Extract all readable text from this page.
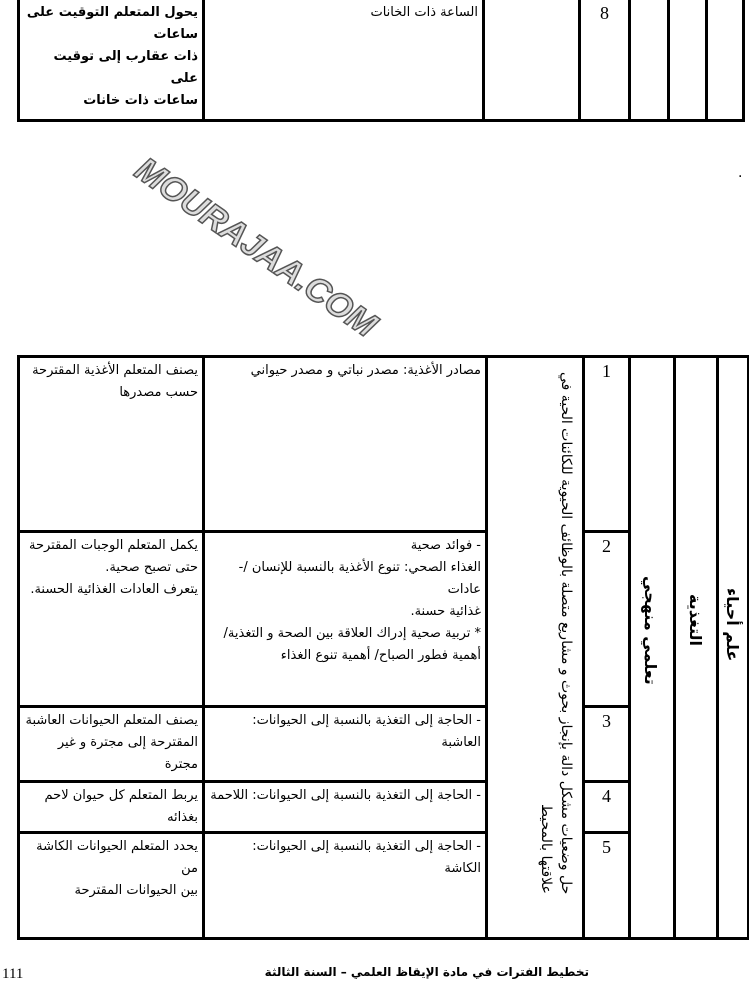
يحول المتعلم التوقيت على ساعات
ذات عقارب إلى توقيت على
ساعات ذات خانات	الساعة ذات الخانات		8			
.
MOURAJAA.COM
يصنف المتعلم الأغذية المقترحة
حسب مصدرها	مصادر الأغذية: مصدر نباتي و مصدر حيواني	حل وضعيات مشكل دالة بإنجاز بحوث و مشاريع متصلة بالوظائف الحيوية للكائنات الحية في علاقتها بالمحيط	1	تعلمي منهجي	التغذية	علم أحياء

يكمل المتعلم الوجبات المقترحة
حتى تصبح صحية.
يتعرف العادات الغذائية الحسنة.	- فوائد صحية
الغذاء الصحي: تنوع الأغذية بالنسبة للإنسان /- عادات
غذائية حسنة.
* تربية صحية إدراك العلاقة بين الصحة و التغذية/
أهمية فطور الصباح/ أهمية تنوع الغذاء		2			
يصنف المتعلم الحيوانات العاشبة
المقترحة إلى مجترة و غير مجترة	- الحاجة إلى التغذية بالنسبة إلى الحيوانات: العاشبة		3			
يربط المتعلم كل حيوان لاحم بغذائه	- الحاجة إلى التغذية بالنسبة إلى الحيوانات: اللاحمة		4			
يحدد المتعلم الحيوانات الكاشة من
بين الحيوانات المقترحة	- الحاجة إلى التغذية بالنسبة إلى الحيوانات:
الكاشة		5			
تخطيط الفترات في مادة الإيقاظ العلمي – السنة الثالثة
111
